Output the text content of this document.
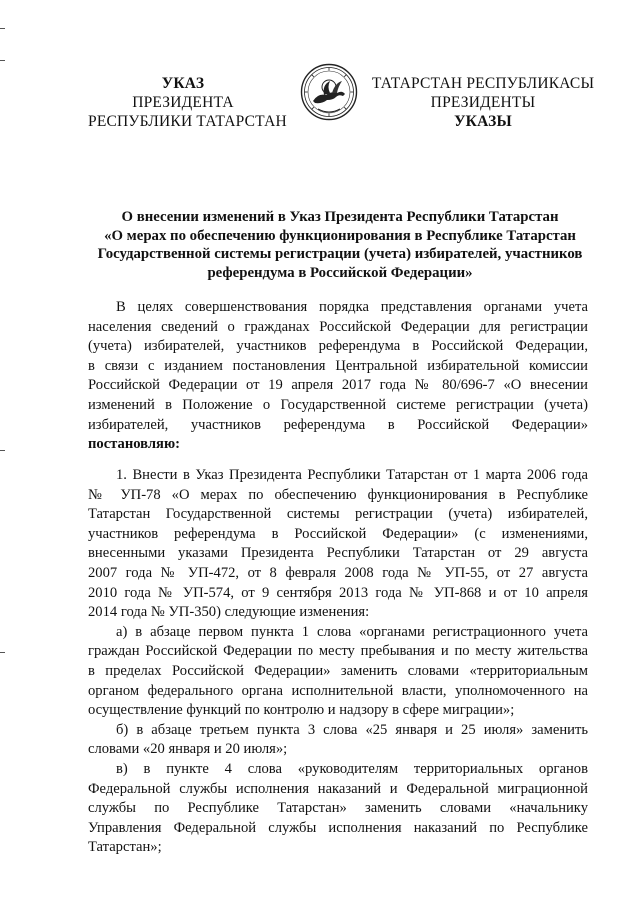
УКАЗ
ПРЕЗИДЕНТА
РЕСПУБЛИКИ ТАТАРСТАН
ТАТАРСТАН РЕСПУБЛИКАСЫ
ПРЕЗИДЕНТЫ
УКАЗЫ
О внесении изменений в Указ Президента Республики Татарстан
«О мерах по обеспечению функционирования в Республике Татарстан
Государственной системы регистрации (учета) избирателей, участников
референдума в Российской Федерации»
В целях совершенствования порядка представления органами учета
населения сведений о гражданах Российской Федерации для регистрации
(учета) избирателей, участников референдума в Российской Федерации,
в связи с изданием постановления Центральной избирательной комиссии
Российской Федерации от 19 апреля 2017 года № 80/696-7 «О внесении
изменений в Положение о Государственной системе регистрации (учета)
избирателей, участников референдума в Российской Федерации»
постановляю:
1. Внести в Указ Президента Республики Татарстан от 1 марта 2006 года
№ УП-78 «О мерах по обеспечению функционирования в Республике
Татарстан Государственной системы регистрации (учета) избирателей,
участников референдума в Российской Федерации» (с изменениями,
внесенными указами Президента Республики Татарстан от 29 августа
2007 года № УП-472, от 8 февраля 2008 года № УП-55, от 27 августа
2010 года № УП-574, от 9 сентября 2013 года № УП-868 и от 10 апреля
2014 года № УП-350) следующие изменения:
а) в абзаце первом пункта 1 слова «органами регистрационного учета
граждан Российской Федерации по месту пребывания и по месту жительства
в пределах Российской Федерации» заменить словами «территориальным
органом федерального органа исполнительной власти, уполномоченного на
осуществление функций по контролю и надзору в сфере миграции»;
б) в абзаце третьем пункта 3 слова «25 января и 25 июля» заменить
словами «20 января и 20 июля»;
в) в пункте 4 слова «руководителям территориальных органов
Федеральной службы исполнения наказаний и Федеральной миграционной
службы по Республике Татарстан» заменить словами «начальнику
Управления Федеральной службы исполнения наказаний по Республике
Татарстан»;
